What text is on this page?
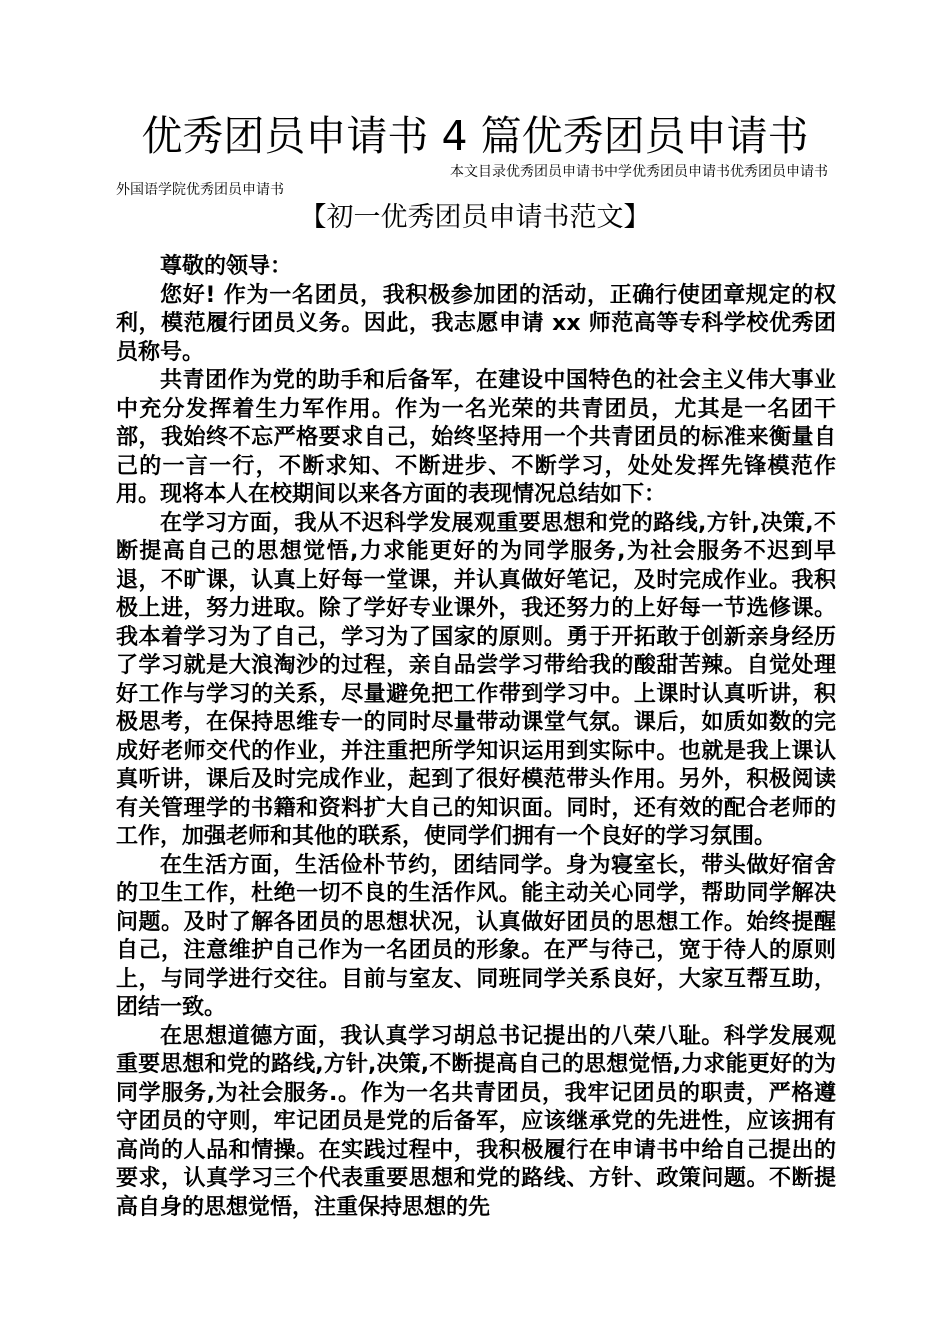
优秀团员申请书 4 篇优秀团员申请书
本文目录优秀团员申请书中学优秀团员申请书优秀团员申请书
外国语学院优秀团员申请书
【初一优秀团员申请书范文】

尊敬的领导：

您好! 作为一名团员，我积极参加团的活动，正确行使团章规定的权利，模范履行团员义务。因此，我志愿申请 xx 师范高等专科学校优秀团员称号。

共青团作为党的助手和后备军，在建设中国特色的社会主义伟大事业中充分发挥着生力军作用。作为一名光荣的共青团员，尤其是一名团干部，我始终不忘严格要求自己，始终坚持用一个共青团员的标准来衡量自己的一言一行，不断求知、不断进步、不断学习，处处发挥先锋模范作用。现将本人在校期间以来各方面的表现情况总结如下：

在学习方面，我从不迟科学发展观重要思想和党的路线,方针,决策,不断提高自己的思想觉悟,力求能更好的为同学服务,为社会服务不迟到早退，不旷课，认真上好每一堂课，并认真做好笔记，及时完成作业。我积极上进，努力进取。除了学好专业课外，我还努力的上好每一节选修课。我本着学习为了自己，学习为了国家的原则。勇于开拓敢于创新亲身经历了学习就是大浪淘沙的过程，亲自品尝学习带给我的酸甜苦辣。自觉处理好工作与学习的关系，尽量避免把工作带到学习中。上课时认真听讲，积极思考，在保持思维专一的同时尽量带动课堂气氛。课后，如质如数的完成好老师交代的作业，并注重把所学知识运用到实际中。也就是我上课认真听讲，课后及时完成作业，起到了很好模范带头作用。另外，积极阅读有关管理学的书籍和资料扩大自己的知识面。同时，还有效的配合老师的工作，加强老师和其他的联系，使同学们拥有一个良好的学习氛围。

在生活方面，生活俭朴节约，团结同学。身为寝室长，带头做好宿舍的卫生工作，杜绝一切不良的生活作风。能主动关心同学，帮助同学解决问题。及时了解各团员的思想状况，认真做好团员的思想工作。始终提醒自己，注意维护自己作为一名团员的形象。在严与待己，宽于待人的原则上，与同学进行交往。目前与室友、同班同学关系良好，大家互帮互助，团结一致。

在思想道德方面，我认真学习胡总书记提出的八荣八耻。科学发展观重要思想和党的路线,方针,决策,不断提高自己的思想觉悟,力求能更好的为同学服务,为社会服务.。作为一名共青团员，我牢记团员的职责，严格遵守团员的守则，牢记团员是党的后备军，应该继承党的先进性，应该拥有高尚的人品和情操。在实践过程中，我积极履行在申请书中给自己提出的要求，认真学习三个代表重要思想和党的路线、方针、政策问题。不断提高自身的思想觉悟，注重保持思想的先
